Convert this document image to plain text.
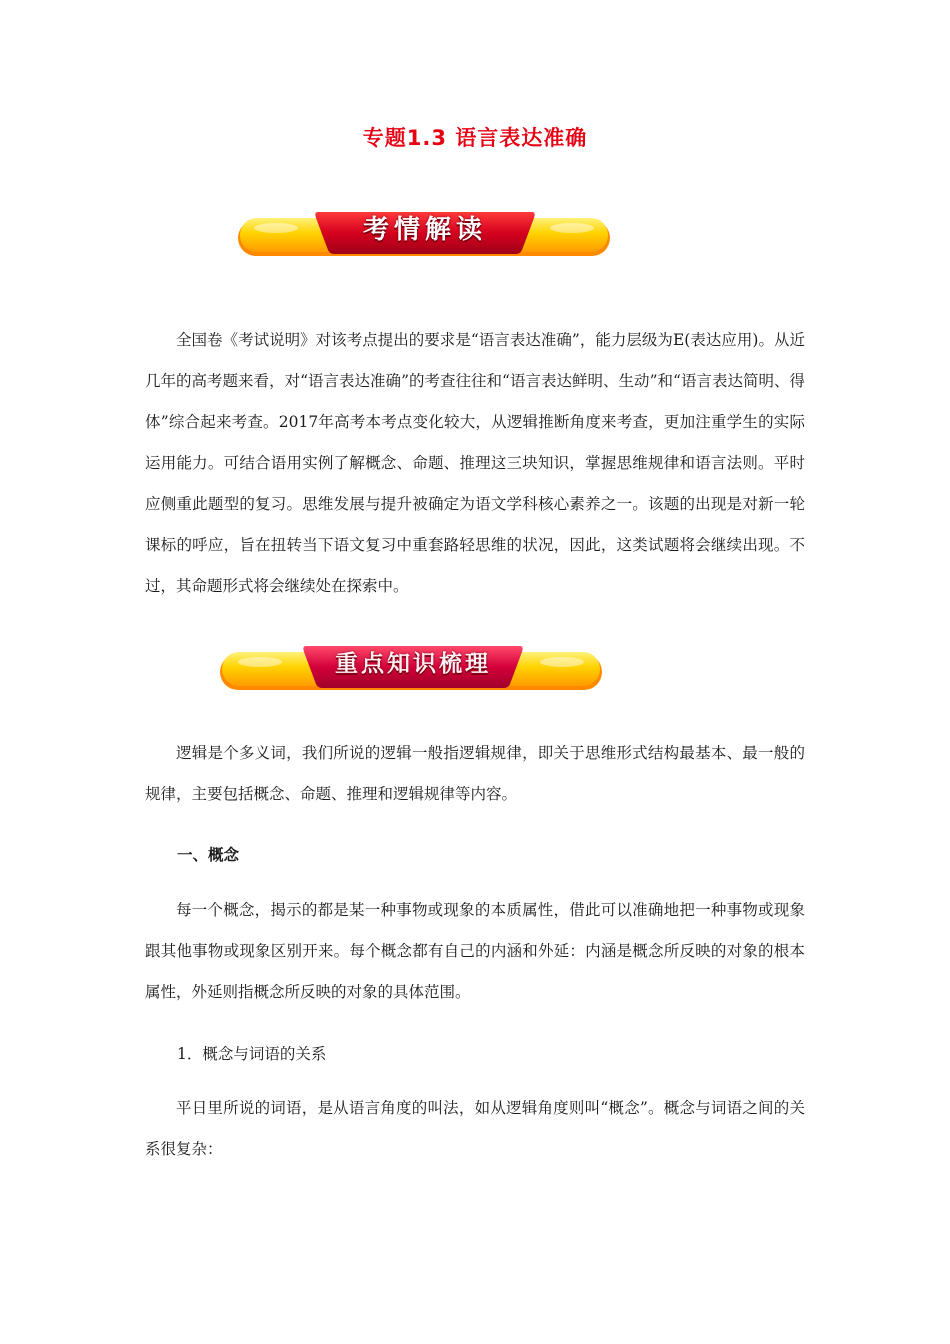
专题1.3 语言表达准确
考情解读

全国卷《考试说明》对该考点提出的要求是“语言表达准确”，能力层级为E(表达应用)。从近几年的高考题来看，对“语言表达准确”的考查往往和“语言表达鲜明、生动”和“语言表达简明、得体”综合起来考查。2017年高考本考点变化较大，从逻辑推断角度来考查，更加注重学生的实际运用能力。可结合语用实例了解概念、命题、推理这三块知识，掌握思维规律和语言法则。平时应侧重此题型的复习。思维发展与提升被确定为语文学科核心素养之一。该题的出现是对新一轮课标的呼应，旨在扭转当下语文复习中重套路轻思维的状况，因此，这类试题将会继续出现。不过，其命题形式将会继续处在探索中。

重点知识梳理

逻辑是个多义词，我们所说的逻辑一般指逻辑规律，即关于思维形式结构最基本、最一般的规律，主要包括概念、命题、推理和逻辑规律等内容。

一、概念

每一个概念，揭示的都是某一种事物或现象的本质属性，借此可以准确地把一种事物或现象跟其他事物或现象区别开来。每个概念都有自己的内涵和外延：内涵是概念所反映的对象的根本属性，外延则指概念所反映的对象的具体范围。

1．概念与词语的关系

平日里所说的词语，是从语言角度的叫法，如从逻辑角度则叫“概念”。概念与词语之间的关系很复杂：
